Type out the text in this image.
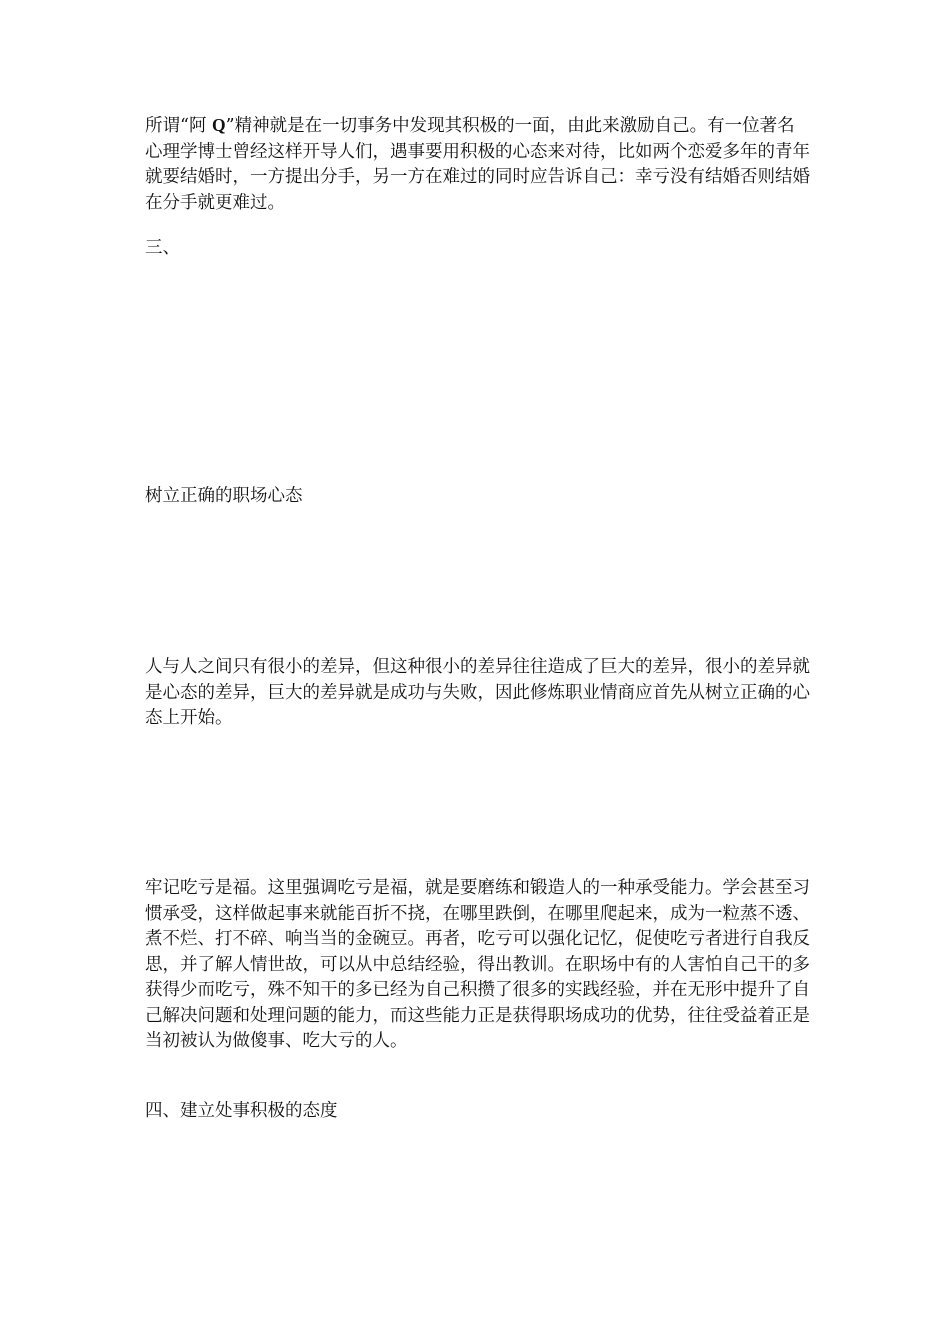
所谓“阿 Q”精神就是在一切事务中发现其积极的一面，由此来激励自己。有一位著名心理学博士曾经这样开导人们，遇事要用积极的心态来对待，比如两个恋爱多年的青年就要结婚时，一方提出分手，另一方在难过的同时应告诉自己：幸亏没有结婚否则结婚在分手就更难过。

三、

树立正确的职场心态

人与人之间只有很小的差异，但这种很小的差异往往造成了巨大的差异，很小的差异就是心态的差异，巨大的差异就是成功与失败，因此修炼职业情商应首先从树立正确的心态上开始。

牢记吃亏是福。这里强调吃亏是福，就是要磨练和锻造人的一种承受能力。学会甚至习惯承受，这样做起事来就能百折不挠，在哪里跌倒，在哪里爬起来，成为一粒蒸不透、煮不烂、打不碎、响当当的金碗豆。再者，吃亏可以强化记忆，促使吃亏者进行自我反思，并了解人情世故，可以从中总结经验，得出教训。在职场中有的人害怕自己干的多获得少而吃亏，殊不知干的多已经为自己积攒了很多的实践经验，并在无形中提升了自己解决问题和处理问题的能力，而这些能力正是获得职场成功的优势，往往受益着正是当初被认为做傻事、吃大亏的人。

四、建立处事积极的态度
